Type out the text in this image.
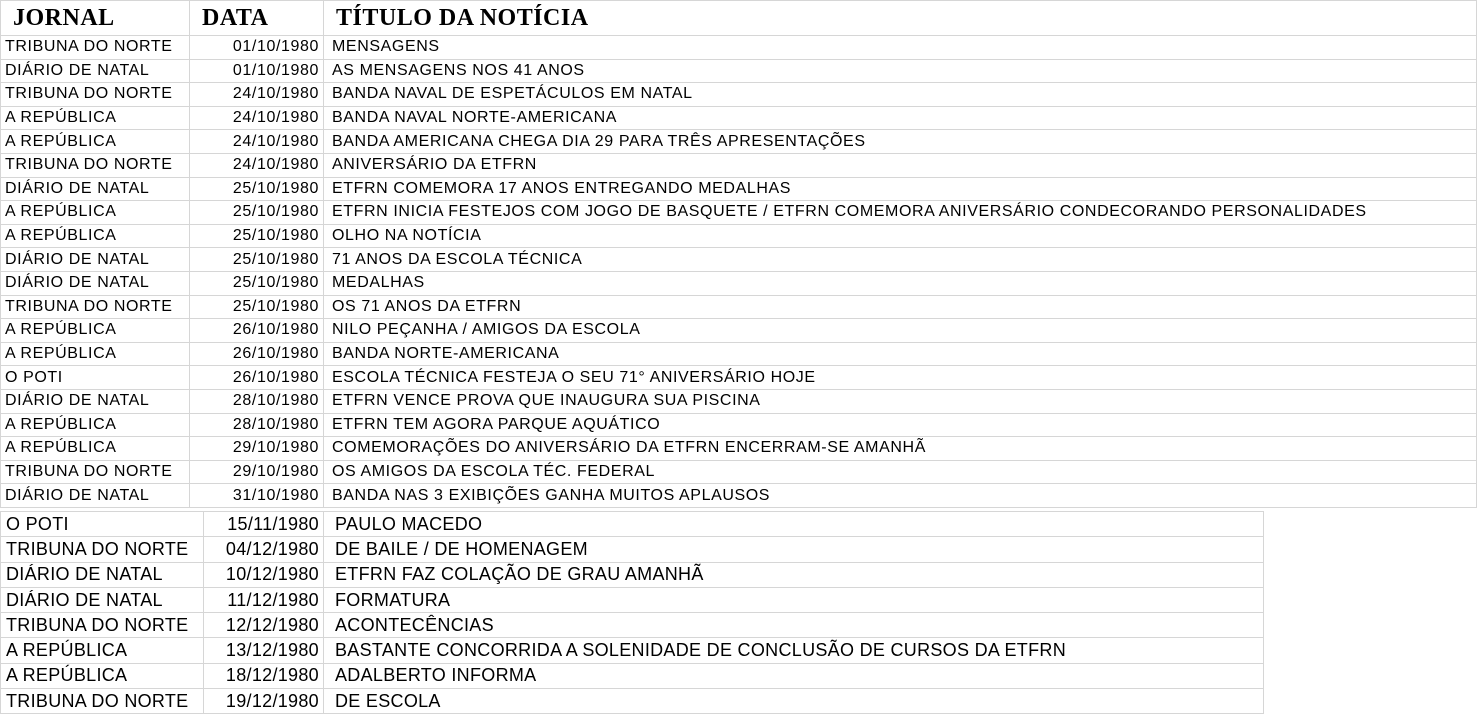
JORNAL	DATA	TÍTULO DA NOTÍCIA
TRIBUNA DO NORTE	01/10/1980	MENSAGENS
DIÁRIO DE NATAL	01/10/1980	AS MENSAGENS NOS 41 ANOS
TRIBUNA DO NORTE	24/10/1980	BANDA NAVAL DE ESPETÁCULOS EM NATAL
A REPÚBLICA	24/10/1980	BANDA NAVAL NORTE-AMERICANA
A REPÚBLICA	24/10/1980	BANDA AMERICANA CHEGA DIA 29 PARA TRÊS APRESENTAÇÕES
TRIBUNA DO NORTE	24/10/1980	ANIVERSÁRIO DA ETFRN
DIÁRIO DE NATAL	25/10/1980	ETFRN COMEMORA 17 ANOS ENTREGANDO MEDALHAS
A REPÚBLICA	25/10/1980	ETFRN INICIA FESTEJOS COM JOGO DE BASQUETE / ETFRN COMEMORA ANIVERSÁRIO CONDECORANDO PERSONALIDADES
A REPÚBLICA	25/10/1980	OLHO NA NOTÍCIA
DIÁRIO DE NATAL	25/10/1980	71 ANOS DA ESCOLA TÉCNICA
DIÁRIO DE NATAL	25/10/1980	MEDALHAS
TRIBUNA DO NORTE	25/10/1980	OS 71 ANOS DA ETFRN
A REPÚBLICA	26/10/1980	NILO PEÇANHA / AMIGOS DA ESCOLA
A REPÚBLICA	26/10/1980	BANDA NORTE-AMERICANA
O POTI	26/10/1980	ESCOLA TÉCNICA FESTEJA O SEU 71° ANIVERSÁRIO HOJE
DIÁRIO DE NATAL	28/10/1980	ETFRN VENCE PROVA QUE INAUGURA SUA PISCINA
A REPÚBLICA	28/10/1980	ETFRN TEM AGORA PARQUE AQUÁTICO
A REPÚBLICA	29/10/1980	COMEMORAÇÕES DO ANIVERSÁRIO DA ETFRN ENCERRAM-SE AMANHÃ
TRIBUNA DO NORTE	29/10/1980	OS AMIGOS DA ESCOLA TÉC. FEDERAL
DIÁRIO DE NATAL	31/10/1980	BANDA NAS 3 EXIBIÇÕES GANHA MUITOS APLAUSOS
O POTI	15/11/1980	PAULO MACEDO
TRIBUNA DO NORTE	04/12/1980	DE BAILE / DE HOMENAGEM
DIÁRIO DE NATAL	10/12/1980	ETFRN FAZ COLAÇÃO DE GRAU AMANHÃ
DIÁRIO DE NATAL	11/12/1980	FORMATURA
TRIBUNA DO NORTE	12/12/1980	ACONTECÊNCIAS
A REPÚBLICA	13/12/1980	BASTANTE CONCORRIDA A SOLENIDADE DE CONCLUSÃO DE CURSOS DA ETFRN
A REPÚBLICA	18/12/1980	ADALBERTO INFORMA
TRIBUNA DO NORTE	19/12/1980	DE ESCOLA
